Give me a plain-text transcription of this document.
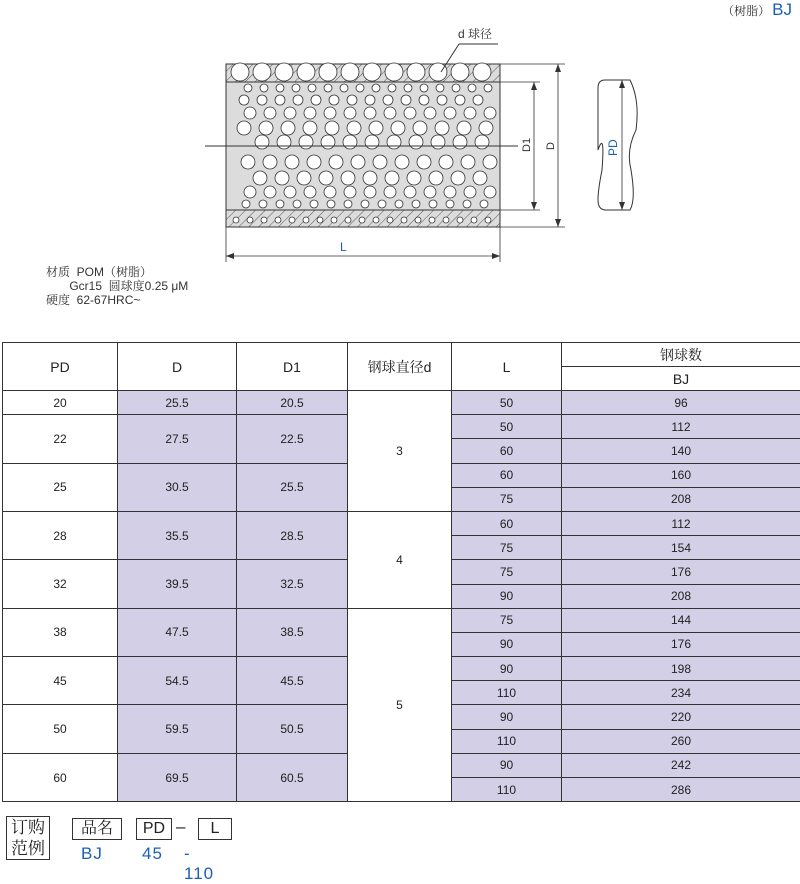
（树脂） BJ
d 球径
D1 D
L
PD
材质  POM（树脂）
Gcr15  圆球度0.25 μM
硬度  62-67HRC~
PD	D	D1	钢球直径d	L	钢球数
					BJ
20	25.5	20.5	3	50	96
22	27.5	22.5		50	112
				60	140
25	30.5	25.5		60	160
				75	208
28	35.5	28.5	4	60	112
				75	154
32	39.5	32.5		75	176
				90	208
38	47.5	38.5	5	75	144
				90	176
45	54.5	45.5		90	198
				110	234
50	59.5	50.5		90	220
				110	260
60	69.5	60.5		90	242
				110	286
订购
范例
品名	PD –	L
BJ 45 - 110
